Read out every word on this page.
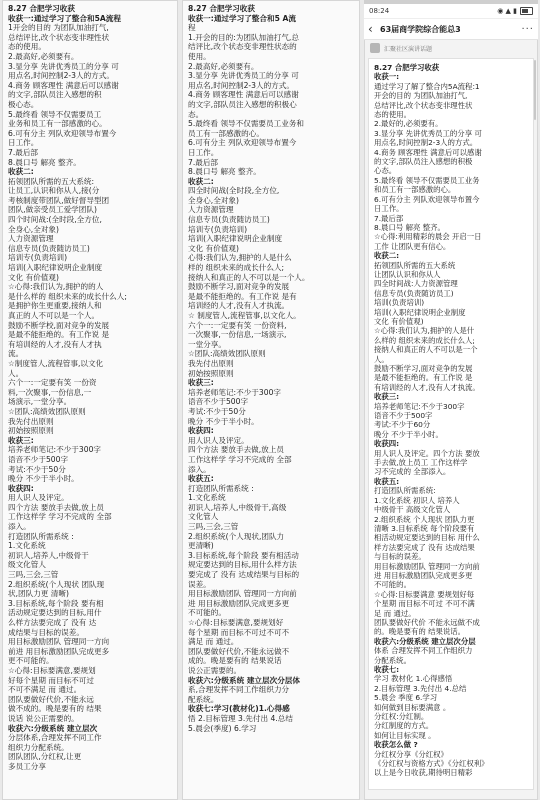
8.27 合肥学习收获
收获一:通过学习了整合和5A流程
1开会的目的 为团队加油打气,
总结评比,改个状态变非理性状
态的使用。
2.最高好,必须要有。
3.显分享 先讲优秀员工的分享 可
用点名,时间控制2-3人的方式。
4.商务 顾客理性 满意后可以感谢
的文字,部队员注入感想的积
极心态。
5.最终看 领导不仅需要员工
业务和员工有一部感激的心。
6.可有分主 列队欢迎领导布置今
日工作。
7.最后部
8.晨口号 解亮 整齐。
收获二:
拓领团队所需的五大系统:
让员工,认识和你从人,接(分
考核制度带团队,做好督导型团
团队,做亲受员工爱学团队)
四个时间战:(全时段,全方位,
全身心,全对象)
人力资源管理
信息专员(负责随访员工)
培训专(负责培训)
培训(入职纪律说明企业制度
文化 有价值观)
☆心得:我们认为,拥护的的人
是什么样的 组织未来的成长什么人;
是拥护你生更重要,接纳人和
真正的人不可以是一个人。
鼓励不断学校,面对竞争的发展
是最不能拒绝的。有工作说 是
有培训经的人才,没有人才执
流。
☆制度管人,流程管事,以文化
人。
六个一:一定要有笑 一份资
料,一次聚事,一份信息,一
场演示,一堂分享。
☆团队:高绩效团队原则
我先付出原则
初始按照原则
收获三:
培养老师笔记:不少于300字
语音不少于500字
考试:不少于50分
晚分 不少于半小时。
收获四:
用人识人及评定。
四个方法 要放手去做,放上员
工作这样学 学习不完成的 全部
添入。
打造团队所需系统 :
1.文化系统
初识人,培养人,中级骨干
级文化管人
三吗,三会,三管
2.组织系统(个人现状 团队现
状,团队力更 清晰)
3.目标系统,每个阶段 要有相
活动规定要达到的目标,用什
么样方法要完成了 没有 达
成结果与目标的误差。
用目标激励团队 管理同一方向
前进 用目标激励团队完成更多
更不可能的。
☆心得:目标要满意,要规划
好每个星期 而目标不可过
不可不满足 而 通过。
团队要做好代价,不能永远
做不成的。晚是要有的 结果
说话 说公正需要的。
收获六:分级系统 建立层次
分层体系,合理发挥不同工作
组织力分配系统。
团队团队,分红权,让更
多员工分享
8.27 合肥学习收获
收获一:通过学习了整合和5 A流
程
1.开会的目的:为团队加油打气,总
结评比,改个状态变非理性状态的
使用。
2.最高好,必须要有。
3.显分享 先讲优秀员工的分享 可
用点名,时间控制2-3人的方式。
4.商务 顾客理性 满意后可以感谢
的文字,部队员注入感想的积极心
态。
5.最终看 领导不仅需要员工业务和
员工有一部感激的心。
6.可有分主 列队欢迎领导布置今
日工作。
7.最后部
8.晨口号 解亮 整齐。
收获二:
四全时间战(全时段,全方位,
全身心,全对象)
人力资源管理
信息专员(负责随访员工)
培训专(负责培训)
培训(入职纪律说明企业制度
文化 有价值观)
心得:我们认为,拥护的人是什么
样的 组织未来的成长什么人;
接纳人和真正的人不可以是一个人。
鼓励不断学习,面对竞争的发展
是最不能拒绝的。有工作说 是有
培训经的人才,没有人才执流。
☆ 制度管人,流程管事,以文化人。
六个一:一定要有笑 一份资料,
一次聚事,一份信息,一场演示,
一堂分享。
☆团队:高绩效团队原则
我先付出原则
初始按照原则
收获三:
培养老师笔记:不少于300字
语音不少于500字
考试:不少于50分
晚分 不少于半小时。
收获四:
用人识人及评定。
四个方法 要放手去做,放上员
工作这样学 学习不完成的 全部
添入。
收获五:
打造团队所需系统 :
1.文化系统
初识人,培养人,中级骨干,高级
文化管人
三吗,三会,三管
2.组织系统(个人现状,团队力
更清晰)
3.目标系统,每个阶段 要有相活动
规定要达到的目标,用什么样方法
要完成了 没有 达成结果与目标的
误差。
用目标激励团队 管理同一方向前
进 用目标激励团队完成更多更
不可能的。
☆心得:目标要满意,要规划好
每个星期 而目标不可过不可不
满足 而 通过。
团队要做好代价,不能永远做不
成的。晚是要有的 结果说话
说公正需要的。
收获六:分级系统 建立层次分层体
系,合理发挥不同工作组织力分
配系统。
收获七:学习(教材化)1.心得感
悟 2.目标管理 3.先付出 4.总结
5.晨会(季度) 6.学习
08:24	◉ ▲ ▮
‹ 63届商学院综合能总3	···
汇聚社区演讲话题
8.27 合肥学习收获
收获一:
通过学习了解了整合内5A流程:1
开会的目的 为团队加油打气,
总结评比,改个状态变非理性状
态的使用。
2.最好的,必须要有。
3.显分享 先讲优秀员工的分享 可
用点名,时间控制2-3人的方式。
4.商务 顾客理性 满意后可以感谢
的文字,部队员注入感想的积极
心态。
5.最终看 领导不仅需要员工业务
和员工有一部感激的心。
6.可有分主 列队欢迎领导布置今
日工作。
7.最后部
8.晨口号 解亮 整齐。
☆心得:利用精彩的晨会 开启一日
工作 让团队更有信心。
收获二:
拓领团队所需的五大系统
让团队认识和你从人
四全时间战:人力资源管理
信息专员(负责随访员工)
培训(负责培训)
培训(入职纪律说明企业制度
文化 有价值观)
☆心得:我们认为,拥护的人是什
么样的 组织未来的成长什么人;
接纳人和真正的人不可以是一个
人。
鼓励不断学习,面对竞争的发展
是最不能拒绝的。有工作说 是
有培训经的人才,没有人才执流。
收获三:
培养老师笔记:不少于300字
语音不少于500字
考试:不少于60分
晚分 不少于半小时。
收获四:
用人识人及评定。四个方法 要放
手去做,放上员工 工作这样学
习不完成的 全部添入。
收获五:
打造团队所需系统:
1.文化系统 初识人 培养人
中级骨干 高级文化管人
2.组织系统 个人现状 团队力更
清晰 3.目标系统 每个阶段要有
相活动规定要达到的目标 用什么
样方法要完成了 没有 达成结果
与目标的误差。
用目标激励团队 管理同一方向前
进 用目标激励团队完成更多更
不可能的。
☆心得:目标要满意 要规划好每
个星期 而目标不可过 不可不满
足 而 通过。
团队要做好代价 不能永远做不成
的。晚是要有的 结果说话。
收获六:分级系统 建立层次分层
体系 合理发挥不同工作组织力
分配系统。
收获七:
学习 教材化 1.心得感悟
2.目标管理 3.先付出 4.总结
5.晨会 季度 6.学习
如何做到目标要满意 。
分红权:分红制。
分红制度的方式。
如何让目标实现 。
收获怎么做 ?
分红权分享《分红权》
《分红权与资格方式》《分红权利》
以上是今日收获,期待明日精彩
